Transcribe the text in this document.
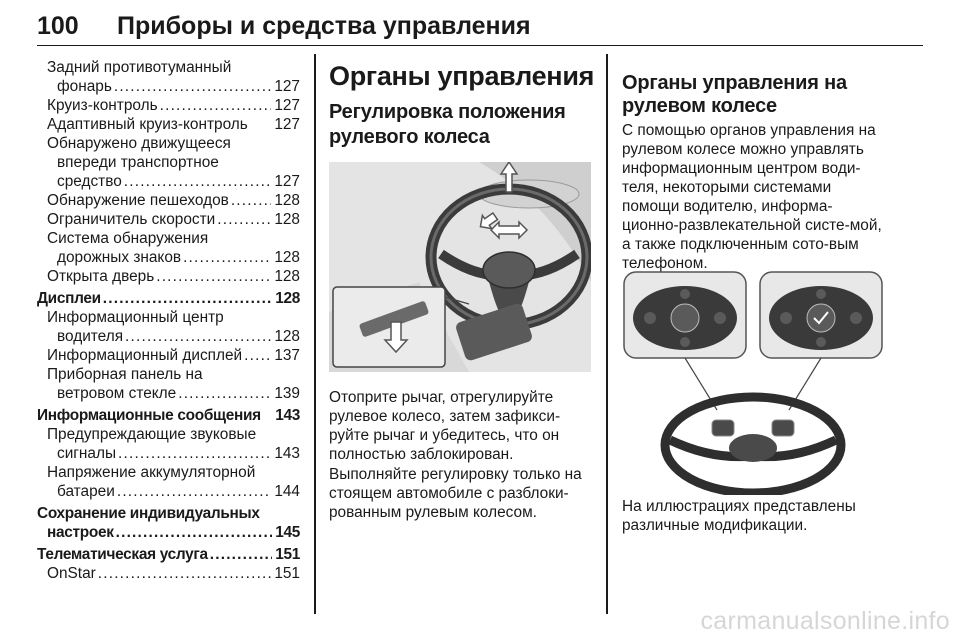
100 Приборы и средства управления
Задний противотуманный
фонарь .....	127
Круиз-контроль .....	127
Адаптивный круиз-контроль 127
Обнаружено движущееся
впереди транспортное
средство .....	127
Обнаружение пешеходов .....	128
Ограничитель скорости .....	128
Система обнаружения
дорожных знаков .....	128
Открыта дверь .....	128
Дисплеи .....	128
Информационный центр
водителя .....	128
Информационный дисплей ..... 137
Приборная панель на
ветровом стекле .....	139
Информационные сообщения 143
Предупреждающие звуковые
сигналы .....	143
Напряжение аккумуляторной
батареи .....	144
Сохранение индивидуальных
настроек .....	145
Телематическая услуга .....	151
OnStar .....	151
Органы управления
Регулировка положения рулевого колеса
Отоприте рычаг, отрегулируйте рулевое колесо, затем зафикси-руйте рычаг и убедитесь, что он полностью заблокирован.
Выполняйте регулировку только на стоящем автомобиле с разблоки-рованным рулевым колесом.
Органы управления на рулевом колесе
С помощью органов управления на рулевом колесе можно управлять информационным центром води-теля, некоторыми системами помощи водителю, информа-ционно-развлекательной систе-мой, а также подключенным сото-вым телефоном.
На иллюстрациях представлены различные модификации.
carmanualsonline.info
